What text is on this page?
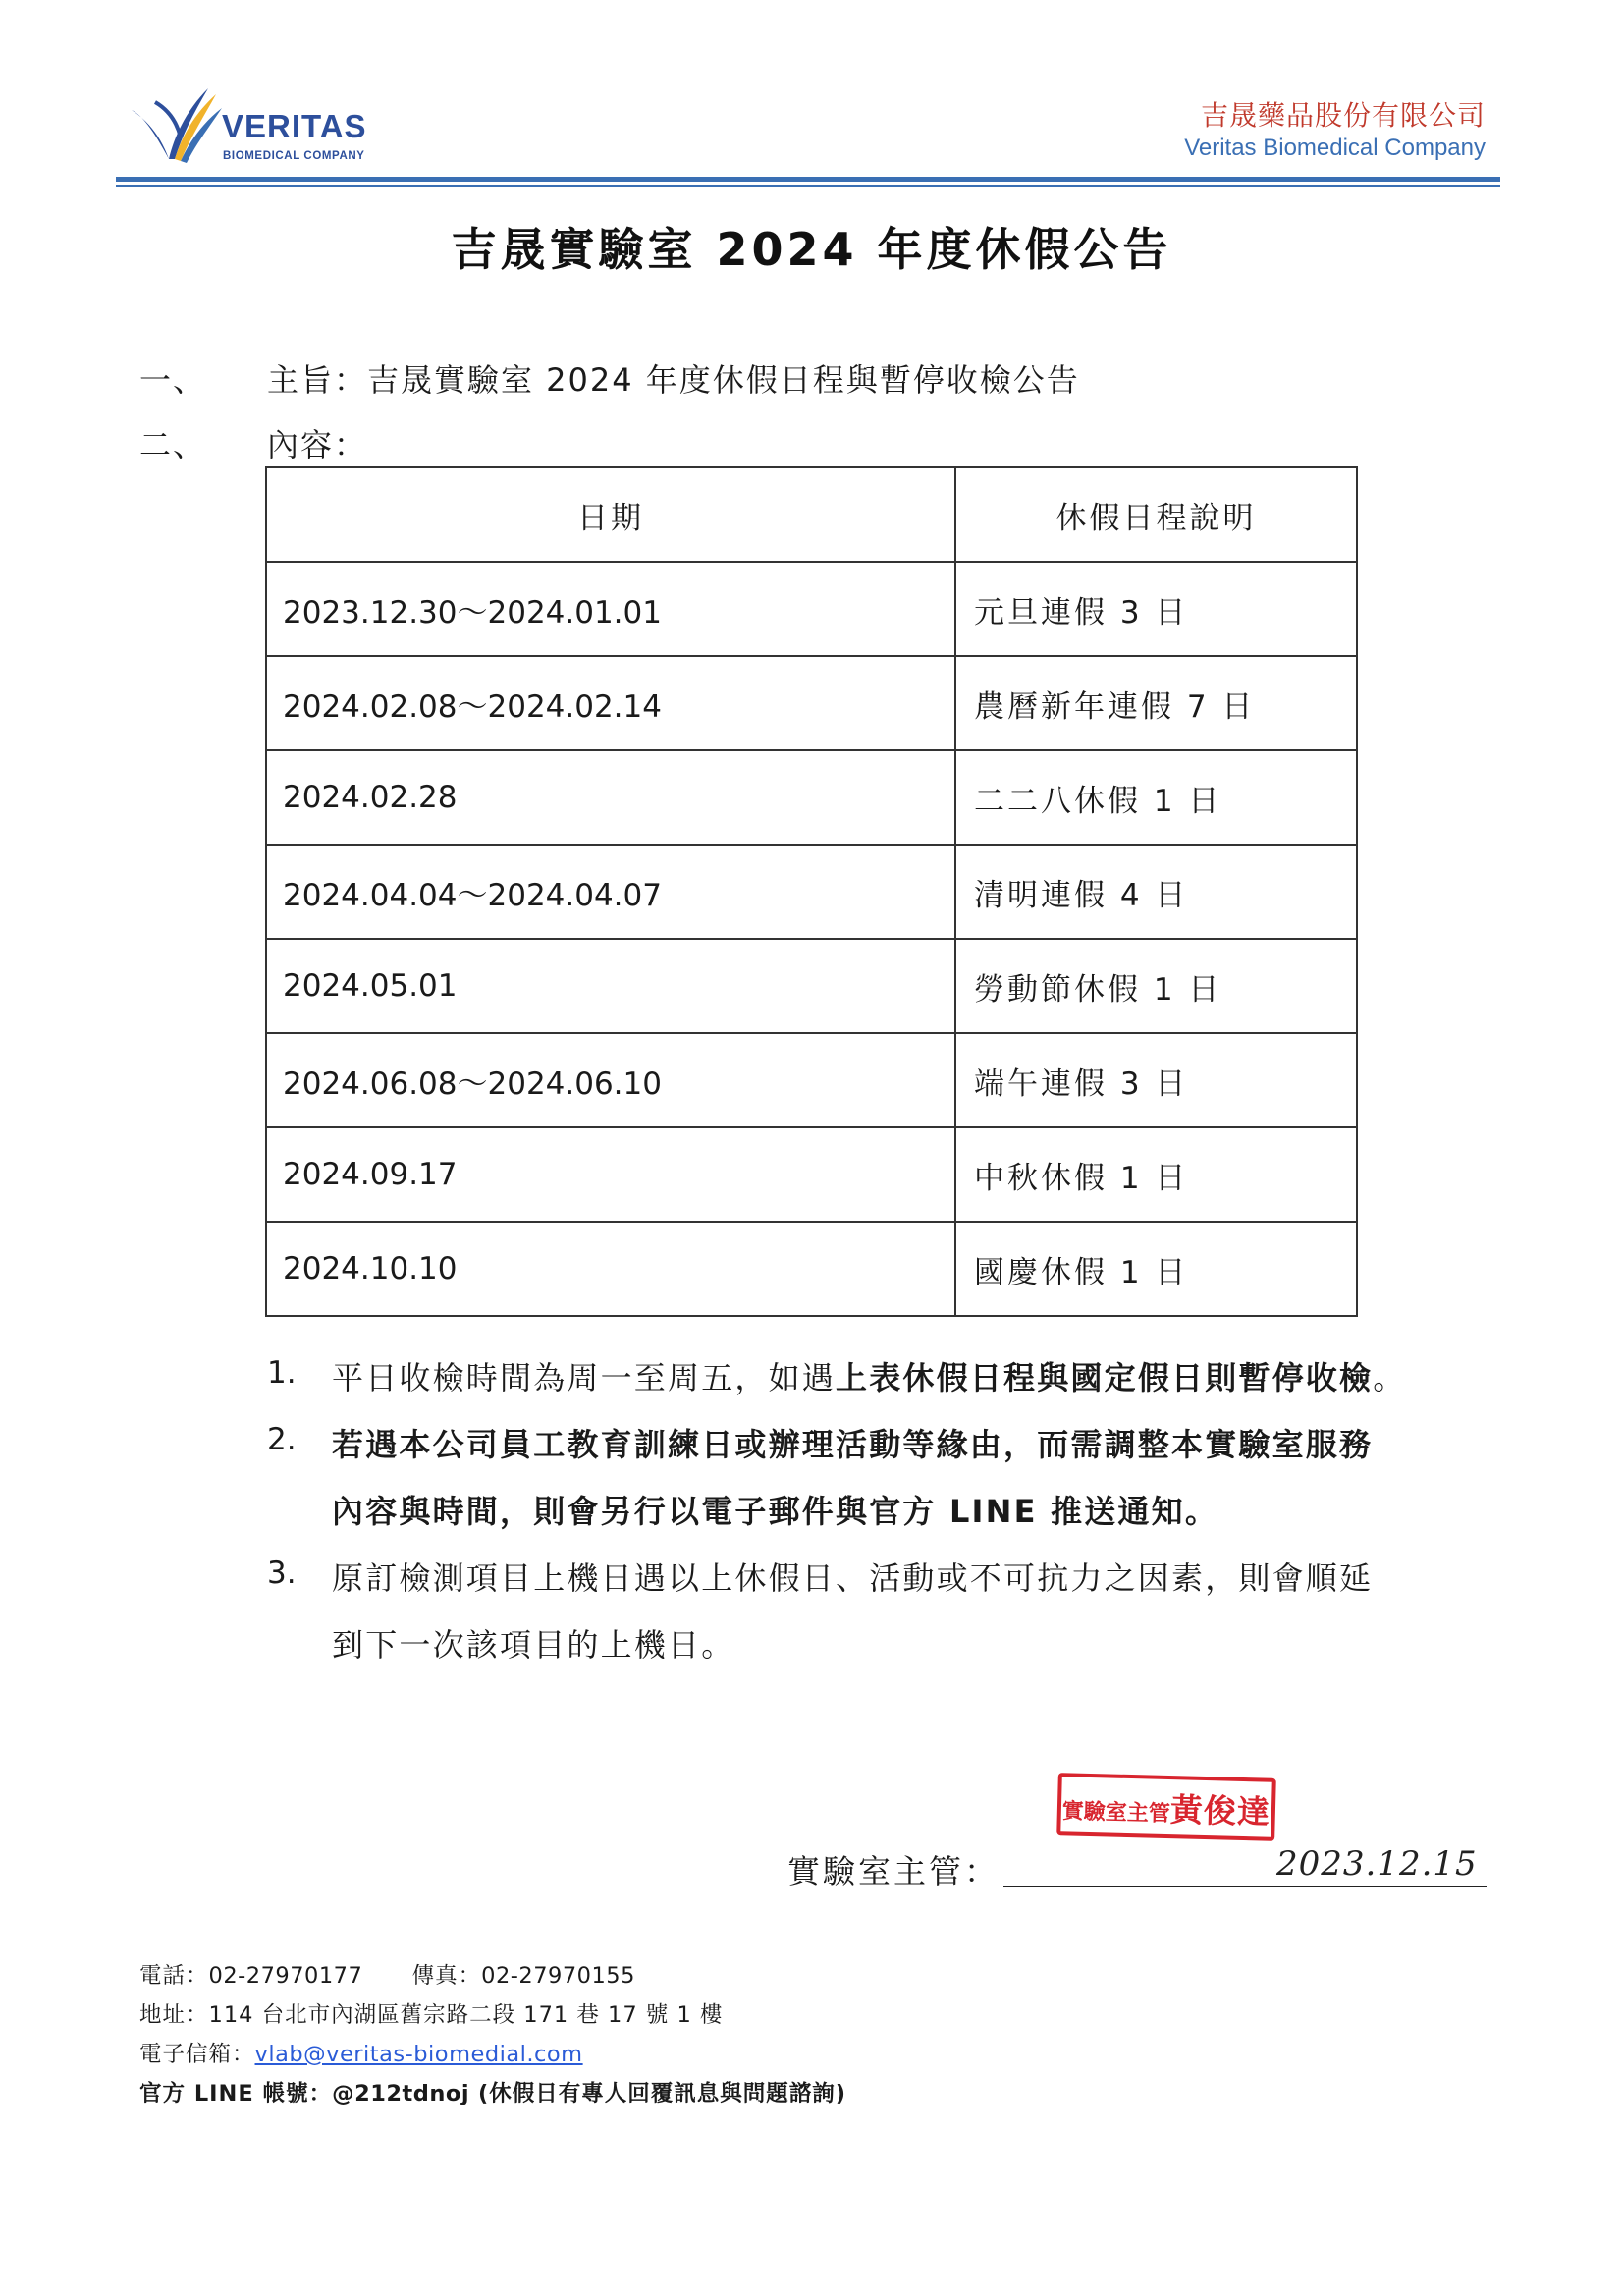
VERITAS
BIOMEDICAL COMPANY
吉晟藥品股份有限公司
Veritas Biomedical Company
吉晟實驗室 2024 年度休假公告
一、 主旨：吉晟實驗室 2024 年度休假日程與暫停收檢公告
二、 內容：
日期	休假日程說明
2023.12.30～2024.01.01	元旦連假 3 日
2024.02.08～2024.02.14	農曆新年連假 7 日
2024.02.28	二二八休假 1 日
2024.04.04～2024.04.07	清明連假 4 日
2024.05.01	勞動節休假 1 日
2024.06.08～2024.06.10	端午連假 3 日
2024.09.17	中秋休假 1 日
2024.10.10	國慶休假 1 日
1. 平日收檢時間為周一至周五，如遇上表休假日程與國定假日則暫停收檢。
2. 若遇本公司員工教育訓練日或辦理活動等緣由，而需調整本實驗室服務
內容與時間，則會另行以電子郵件與官方 LINE 推送通知。
3. 原訂檢測項目上機日遇以上休假日、活動或不可抗力之因素，則會順延
到下一次該項目的上機日。
實驗室主管黃俊達
實驗室主管：	2023.12.15
電話：02-27970177 傳真：02-27970155
地址：114 台北市內湖區舊宗路二段 171 巷 17 號 1 樓
電子信箱：vlab@veritas-biomedial.com
官方 LINE 帳號：@212tdnoj (休假日有專人回覆訊息與問題諮詢)
